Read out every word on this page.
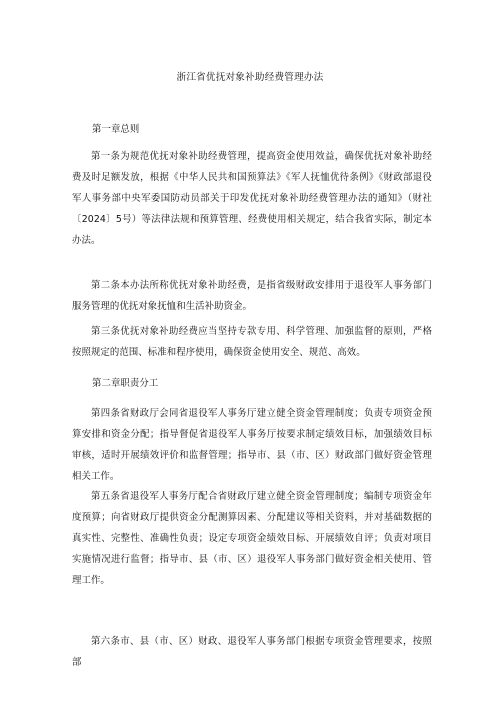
浙江省优抚对象补助经费管理办法
第一章总则
第一条为规范优抚对象补助经费管理，提高资金使用效益，确保优抚对象补助经费及时足额发放，根据《中华人民共和国预算法》《军人抚恤优待条例》《财政部退役军人事务部中央军委国防动员部关于印发优抚对象补助经费管理办法的通知》（财社〔2024〕5号）等法律法规和预算管理、经费使用相关规定，结合我省实际，制定本办法。
第二条本办法所称优抚对象补助经费，是指省级财政安排用于退役军人事务部门服务管理的优抚对象抚恤和生活补助资金。
第三条优抚对象补助经费应当坚持专款专用、科学管理、加强监督的原则，严格按照规定的范围、标准和程序使用，确保资金使用安全、规范、高效。
第二章职责分工
第四条省财政厅会同省退役军人事务厅建立健全资金管理制度；负责专项资金预算安排和资金分配；指导督促省退役军人事务厅按要求制定绩效目标，加强绩效目标审核，适时开展绩效评价和监督管理；指导市、县（市、区）财政部门做好资金管理相关工作。
第五条省退役军人事务厅配合省财政厅建立健全资金管理制度；编制专项资金年度预算；向省财政厅提供资金分配测算因素、分配建议等相关资料，并对基础数据的真实性、完整性、准确性负责；设定专项资金绩效目标、开展绩效自评；负责对项目实施情况进行监督；指导市、县（市、区）退役军人事务部门做好资金相关使用、管理工作。
第六条市、县（市、区）财政、退役军人事务部门根据专项资金管理要求，按照部
